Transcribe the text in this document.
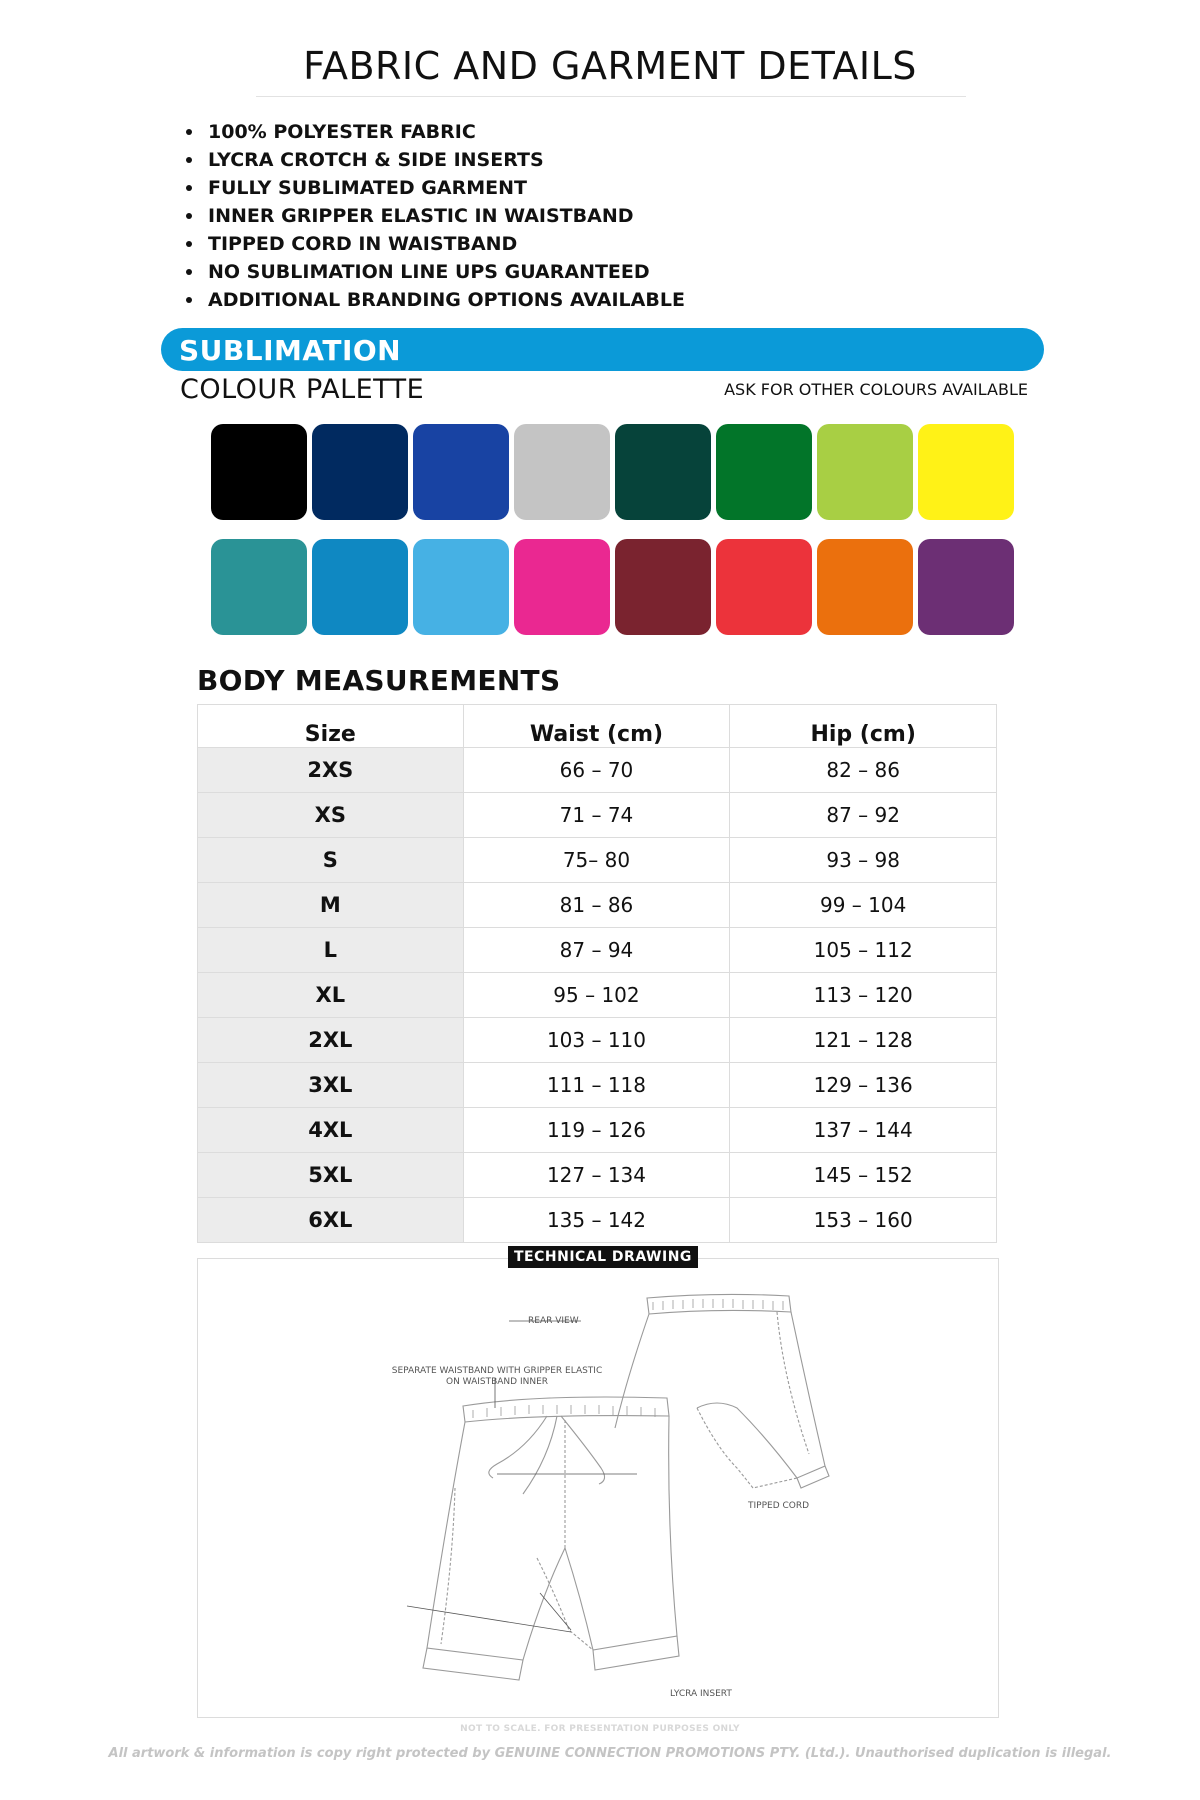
FABRIC AND GARMENT DETAILS
100% POLYESTER FABRIC
LYCRA CROTCH & SIDE INSERTS
FULLY SUBLIMATED GARMENT
INNER GRIPPER ELASTIC IN WAISTBAND
TIPPED CORD IN WAISTBAND
NO SUBLIMATION LINE UPS GUARANTEED
ADDITIONAL BRANDING OPTIONS AVAILABLE
SUBLIMATION
COLOUR PALETTE	ASK FOR OTHER COLOURS AVAILABLE
BODY MEASUREMENTS
Size	Waist (cm)	Hip (cm)
2XS	66 – 70	82 – 86
XS	71 – 74	87 – 92
S	75– 80	93 – 98
M	81 – 86	99 – 104
L	87 – 94	105 – 112
XL	95 – 102	113 – 120
2XL	103 – 110	121 – 128
3XL	111 – 118	129 – 136
4XL	119 – 126	137 – 144
5XL	127 – 134	145 – 152
6XL	135 – 142	153 – 160
TECHNICAL DRAWING
REAR VIEW
SEPARATE WAISTBAND WITH GRIPPER ELASTIC ON WAISTBAND INNER
TIPPED CORD
LYCRA INSERT
NOT TO SCALE. FOR PRESENTATION PURPOSES ONLY
All artwork & information is copy right protected by GENUINE CONNECTION PROMOTIONS PTY. (Ltd.). Unauthorised duplication is illegal.
